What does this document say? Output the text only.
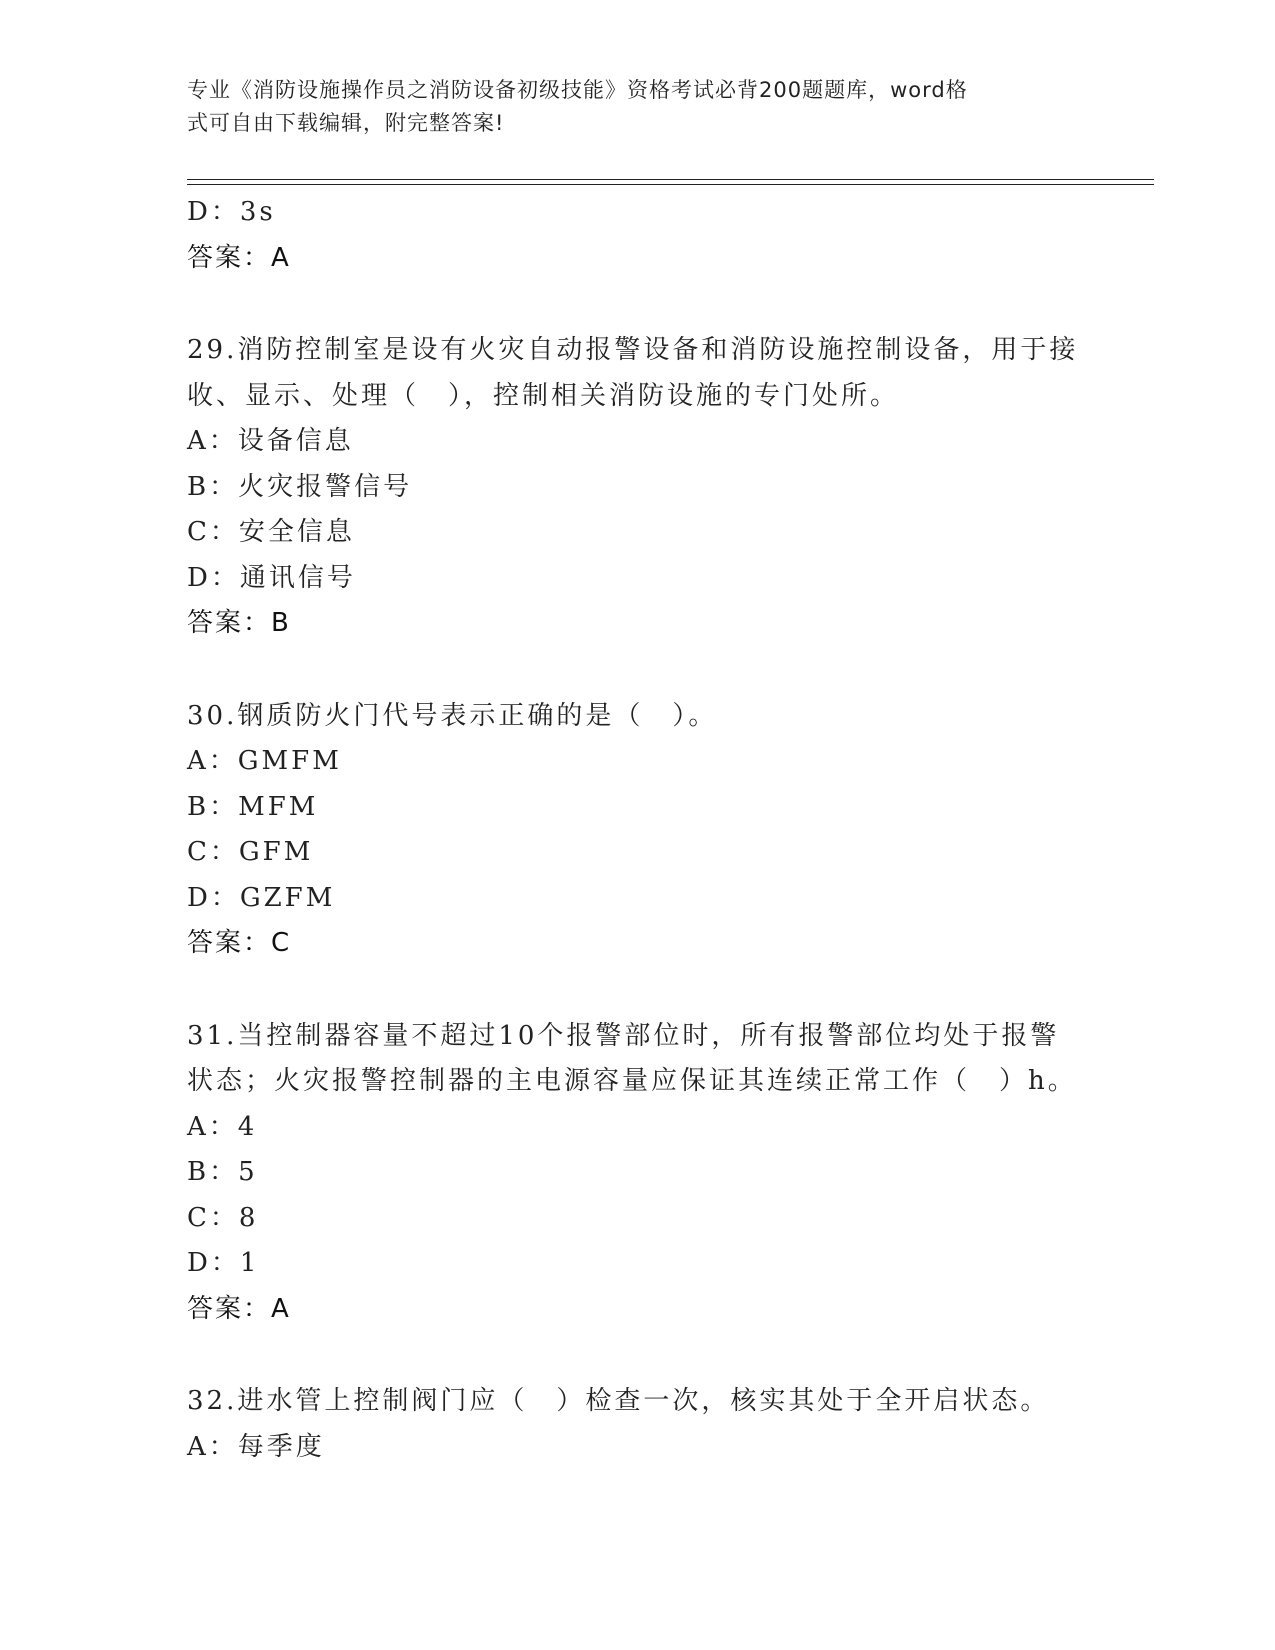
专业《消防设施操作员之消防设备初级技能》资格考试必背200题题库，word格
式可自由下载编辑，附完整答案!
D：3s
答案：A
29.消防控制室是设有火灾自动报警设备和消防设施控制设备，用于接
收、显示、处理（　），控制相关消防设施的专门处所。
A：设备信息
B：火灾报警信号
C：安全信息
D：通讯信号
答案：B
30.钢质防火门代号表示正确的是（　）。
A：GMFM
B：MFM
C：GFM
D：GZFM
答案：C
31.当控制器容量不超过10个报警部位时，所有报警部位均处于报警
状态；火灾报警控制器的主电源容量应保证其连续正常工作（　）h。
A：4
B：5
C：8
D：1
答案：A
32.进水管上控制阀门应（　）检查一次，核实其处于全开启状态。
A：每季度
